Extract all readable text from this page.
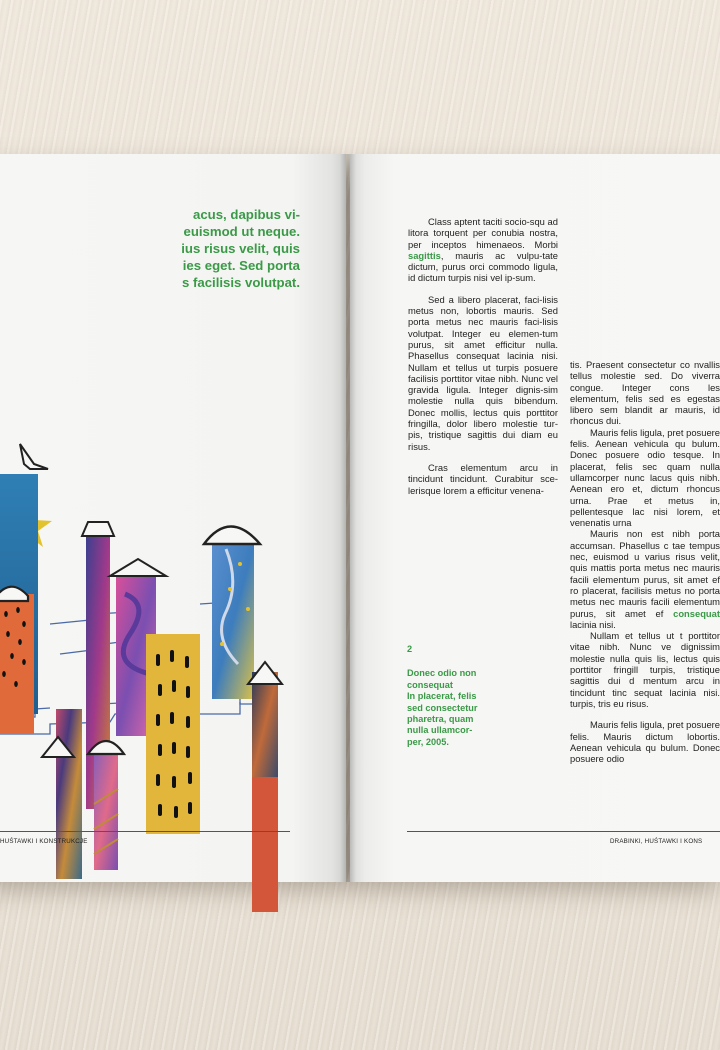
acus, dapibus vi-
euismod ut neque.
ius risus velit, quis
ies eget. Sed porta
s facilisis volutpat.
HUŚTAWKI I KONSTRUKCJE

Class aptent taciti socio-squ ad litora torquent per conubia nostra, per inceptos himenaeos. Morbi sagittis, mauris ac vulpu-tate dictum, purus orci commodo ligula, id dictum turpis nisi vel ip-sum.

Sed a libero placerat, faci-lisis metus non, lobortis mauris. Sed porta metus nec mauris faci-lisis volutpat. Integer eu elemen-tum purus, sit amet efficitur nulla. Phasellus consequat lacinia nisi. Nullam et tellus ut turpis posuere facilisis porttitor vitae nibh. Nunc vel gravida ligula. Integer dignis-sim molestie nulla quis bibendum. Donec mollis, lectus quis porttitor fringilla, dolor libero molestie tur-pis, tristique sagittis dui diam eu risus.

Cras elementum arcu in tincidunt tincidunt. Curabitur sce-lerisque lorem a efficitur venena-

2
Donec odio non
consequat
In placerat, felis
sed consectetur
pharetra, quam
nulla ullamcor-
per, 2005.

tis. Praesent consectetur co nvallis tellus molestie sed. Do viverra congue. Integer cons les elementum, felis sed es egestas libero sem blandit ar mauris, id rhoncus dui.

Mauris felis ligula, pret posuere felis. Aenean vehicula qu bulum. Donec posuere odio tesque. In placerat, felis sec quam nulla ullamcorper nunc lacus quis nibh. Aenean ero et, dictum rhoncus urna. Prae et metus in, pellentesque lac nisi lorem, et venenatis urna

Mauris non est nibh porta accumsan. Phasellus c tae tempus nec, euismod u varius risus velit, quis mattis porta metus nec mauris facili elementum purus, sit amet ef ro placerat, facilisis metus no porta metus nec mauris facili elementum purus, sit amet ef consequat lacinia nisi.

Nullam et tellus ut t porttitor vitae nibh. Nunc ve dignissim molestie nulla quis lis, lectus quis porttitor fringill turpis, tristique sagittis dui d mentum arcu in tincidunt tinc sequat lacinia nisi. turpis, tris eu risus.

Mauris felis ligula, pret posuere felis. Mauris dictum lobortis. Aenean vehicula qu bulum. Donec posuere odio

DRABINKI, HUŚTAWKI I KONS
